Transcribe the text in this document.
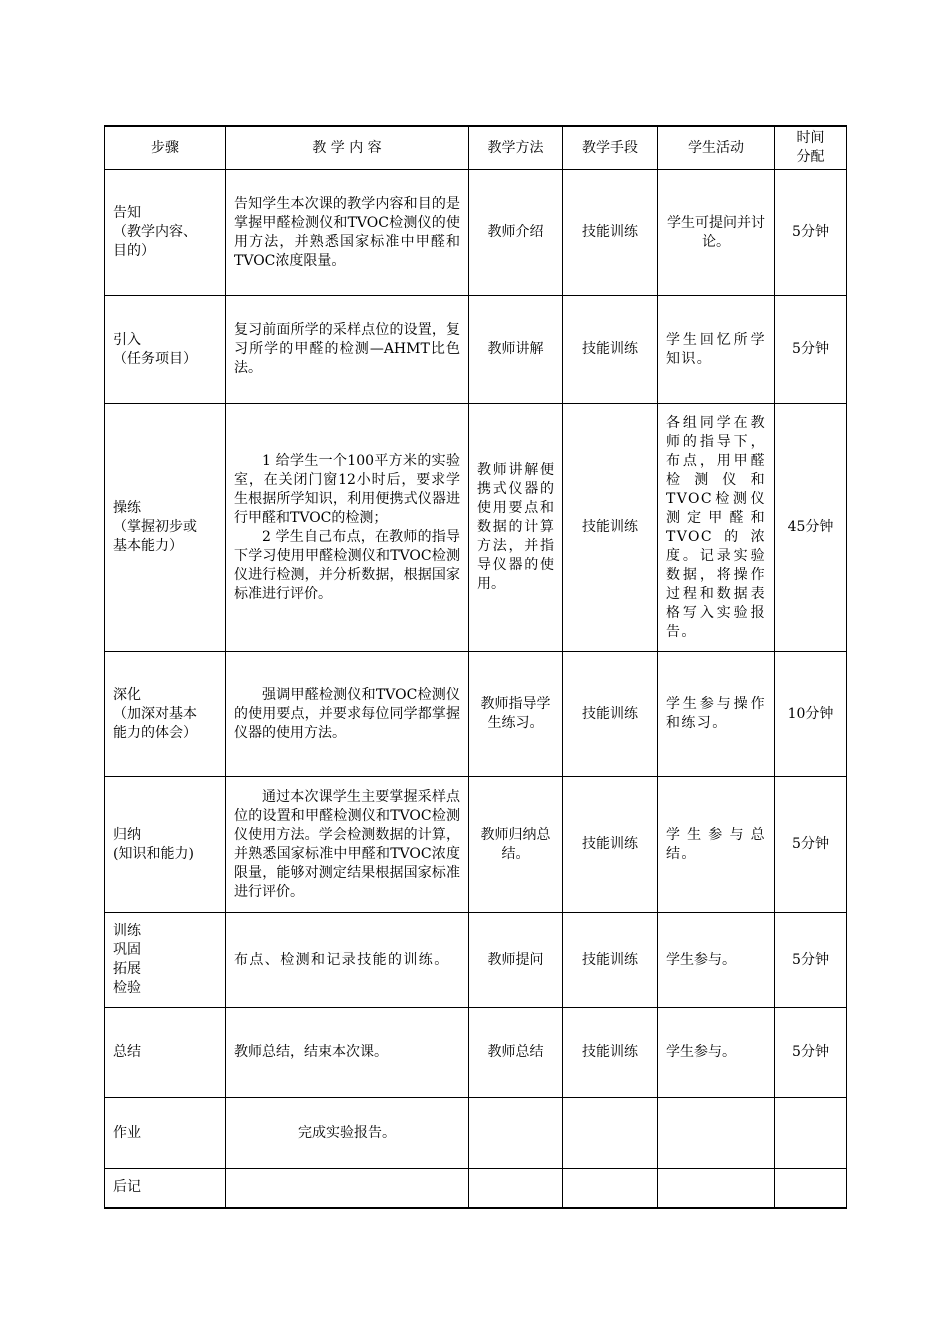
步骤	教 学 内 容	教学方法	教学手段	学生活动	时间
分配

告知
（教学内容、
目的）	告知学生本次课的教学内容和目的是掌握甲醛检测仪和TVOC检测仪的使用方法，并熟悉国家标准中甲醛和TVOC浓度限量。	教师介绍	技能训练	学生可提问并讨论。	5分钟

引入
（任务项目）	复习前面所学的采样点位的设置，复习所学的甲醛的检测—AHMT比色法。	教师讲解	技能训练	学生回忆所学知识。	5分钟

操练
（掌握初步或
基本能力）	1 给学生一个100平方米的实验室，在关闭门窗12小时后，要求学生根据所学知识，利用便携式仪器进行甲醛和TVOC的检测；
2 学生自己布点，在教师的指导下学习使用甲醛检测仪和TVOC检测仪进行检测，并分析数据，根据国家标准进行评价。	教师讲解便携式仪器的使用要点和数据的计算方法，并指导仪器的使用。	技能训练	各组同学在教师的指导下，布点，用甲醛检测仪和TVOC检测仪测定甲醛和TVOC的浓度。记录实验数据，将操作过程和数据表格写入实验报告。	45分钟

深化
（加深对基本
能力的体会）	强调甲醛检测仪和TVOC检测仪的使用要点，并要求每位同学都掌握仪器的使用方法。	教师指导学生练习。	技能训练	学生参与操作和练习。	10分钟

归纳
(知识和能力)	通过本次课学生主要掌握采样点位的设置和甲醛检测仪和TVOC检测仪使用方法。学会检测数据的计算，并熟悉国家标准中甲醛和TVOC浓度限量，能够对测定结果根据国家标准进行评价。	教师归纳总结。	技能训练	学生参与总结。	5分钟

训练
巩固
拓展
检验	布点、检测和记录技能的训练。	教师提问	技能训练	学生参与。	5分钟

总结	教师总结，结束本次课。	教师总结	技能训练	学生参与。	5分钟

作业	完成实验报告。				

后记					
